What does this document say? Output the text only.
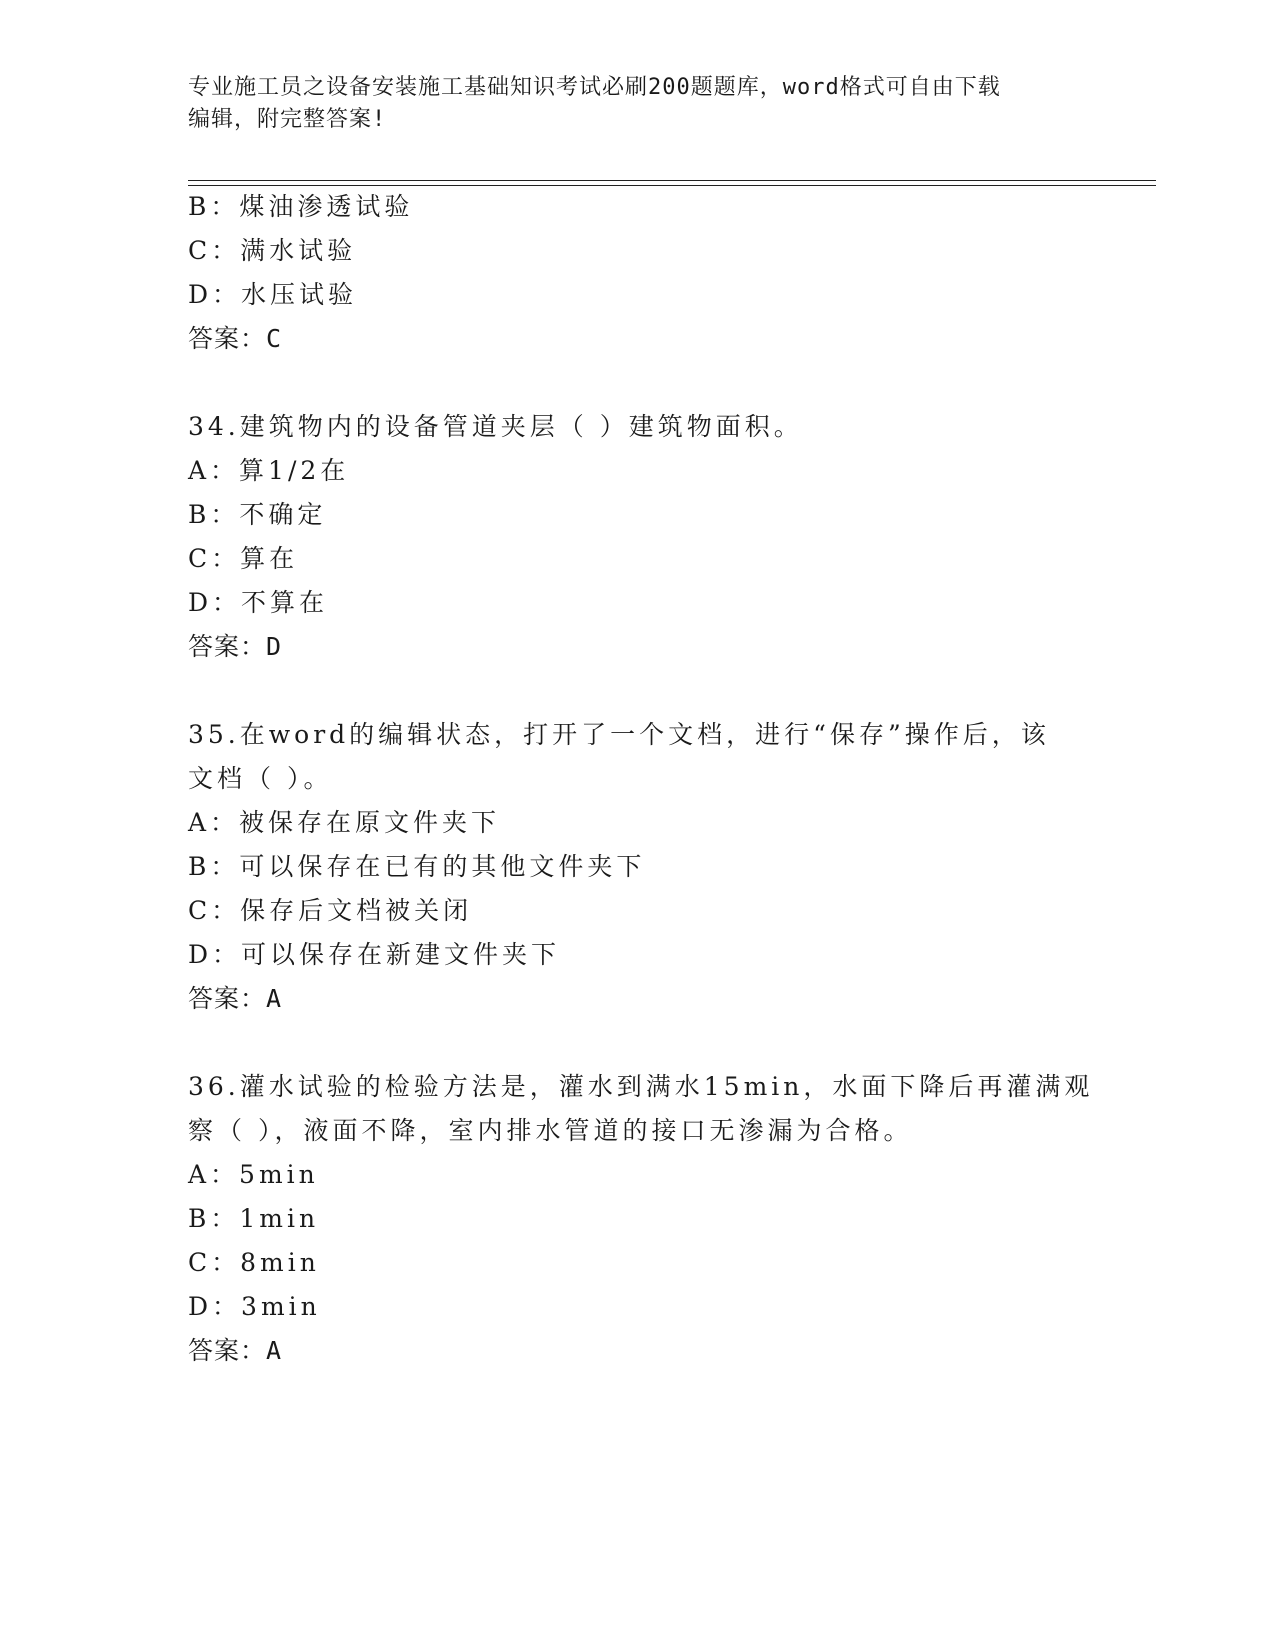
专业施工员之设备安装施工基础知识考试必刷200题题库，word格式可自由下载
编辑，附完整答案!
B：煤油渗透试验
C：满水试验
D：水压试验
答案：C
34.建筑物内的设备管道夹层（ ）建筑物面积。
A：算1/2在
B：不确定
C：算在
D：不算在
答案：D
35.在word的编辑状态，打开了一个文档，进行“保存”操作后，该
文档（ ）。
A：被保存在原文件夹下
B：可以保存在已有的其他文件夹下
C：保存后文档被关闭
D：可以保存在新建文件夹下
答案：A
36.灌水试验的检验方法是，灌水到满水15min，水面下降后再灌满观
察（ ），液面不降，室内排水管道的接口无渗漏为合格。
A：5min
B：1min
C：8min
D：3min
答案：A
